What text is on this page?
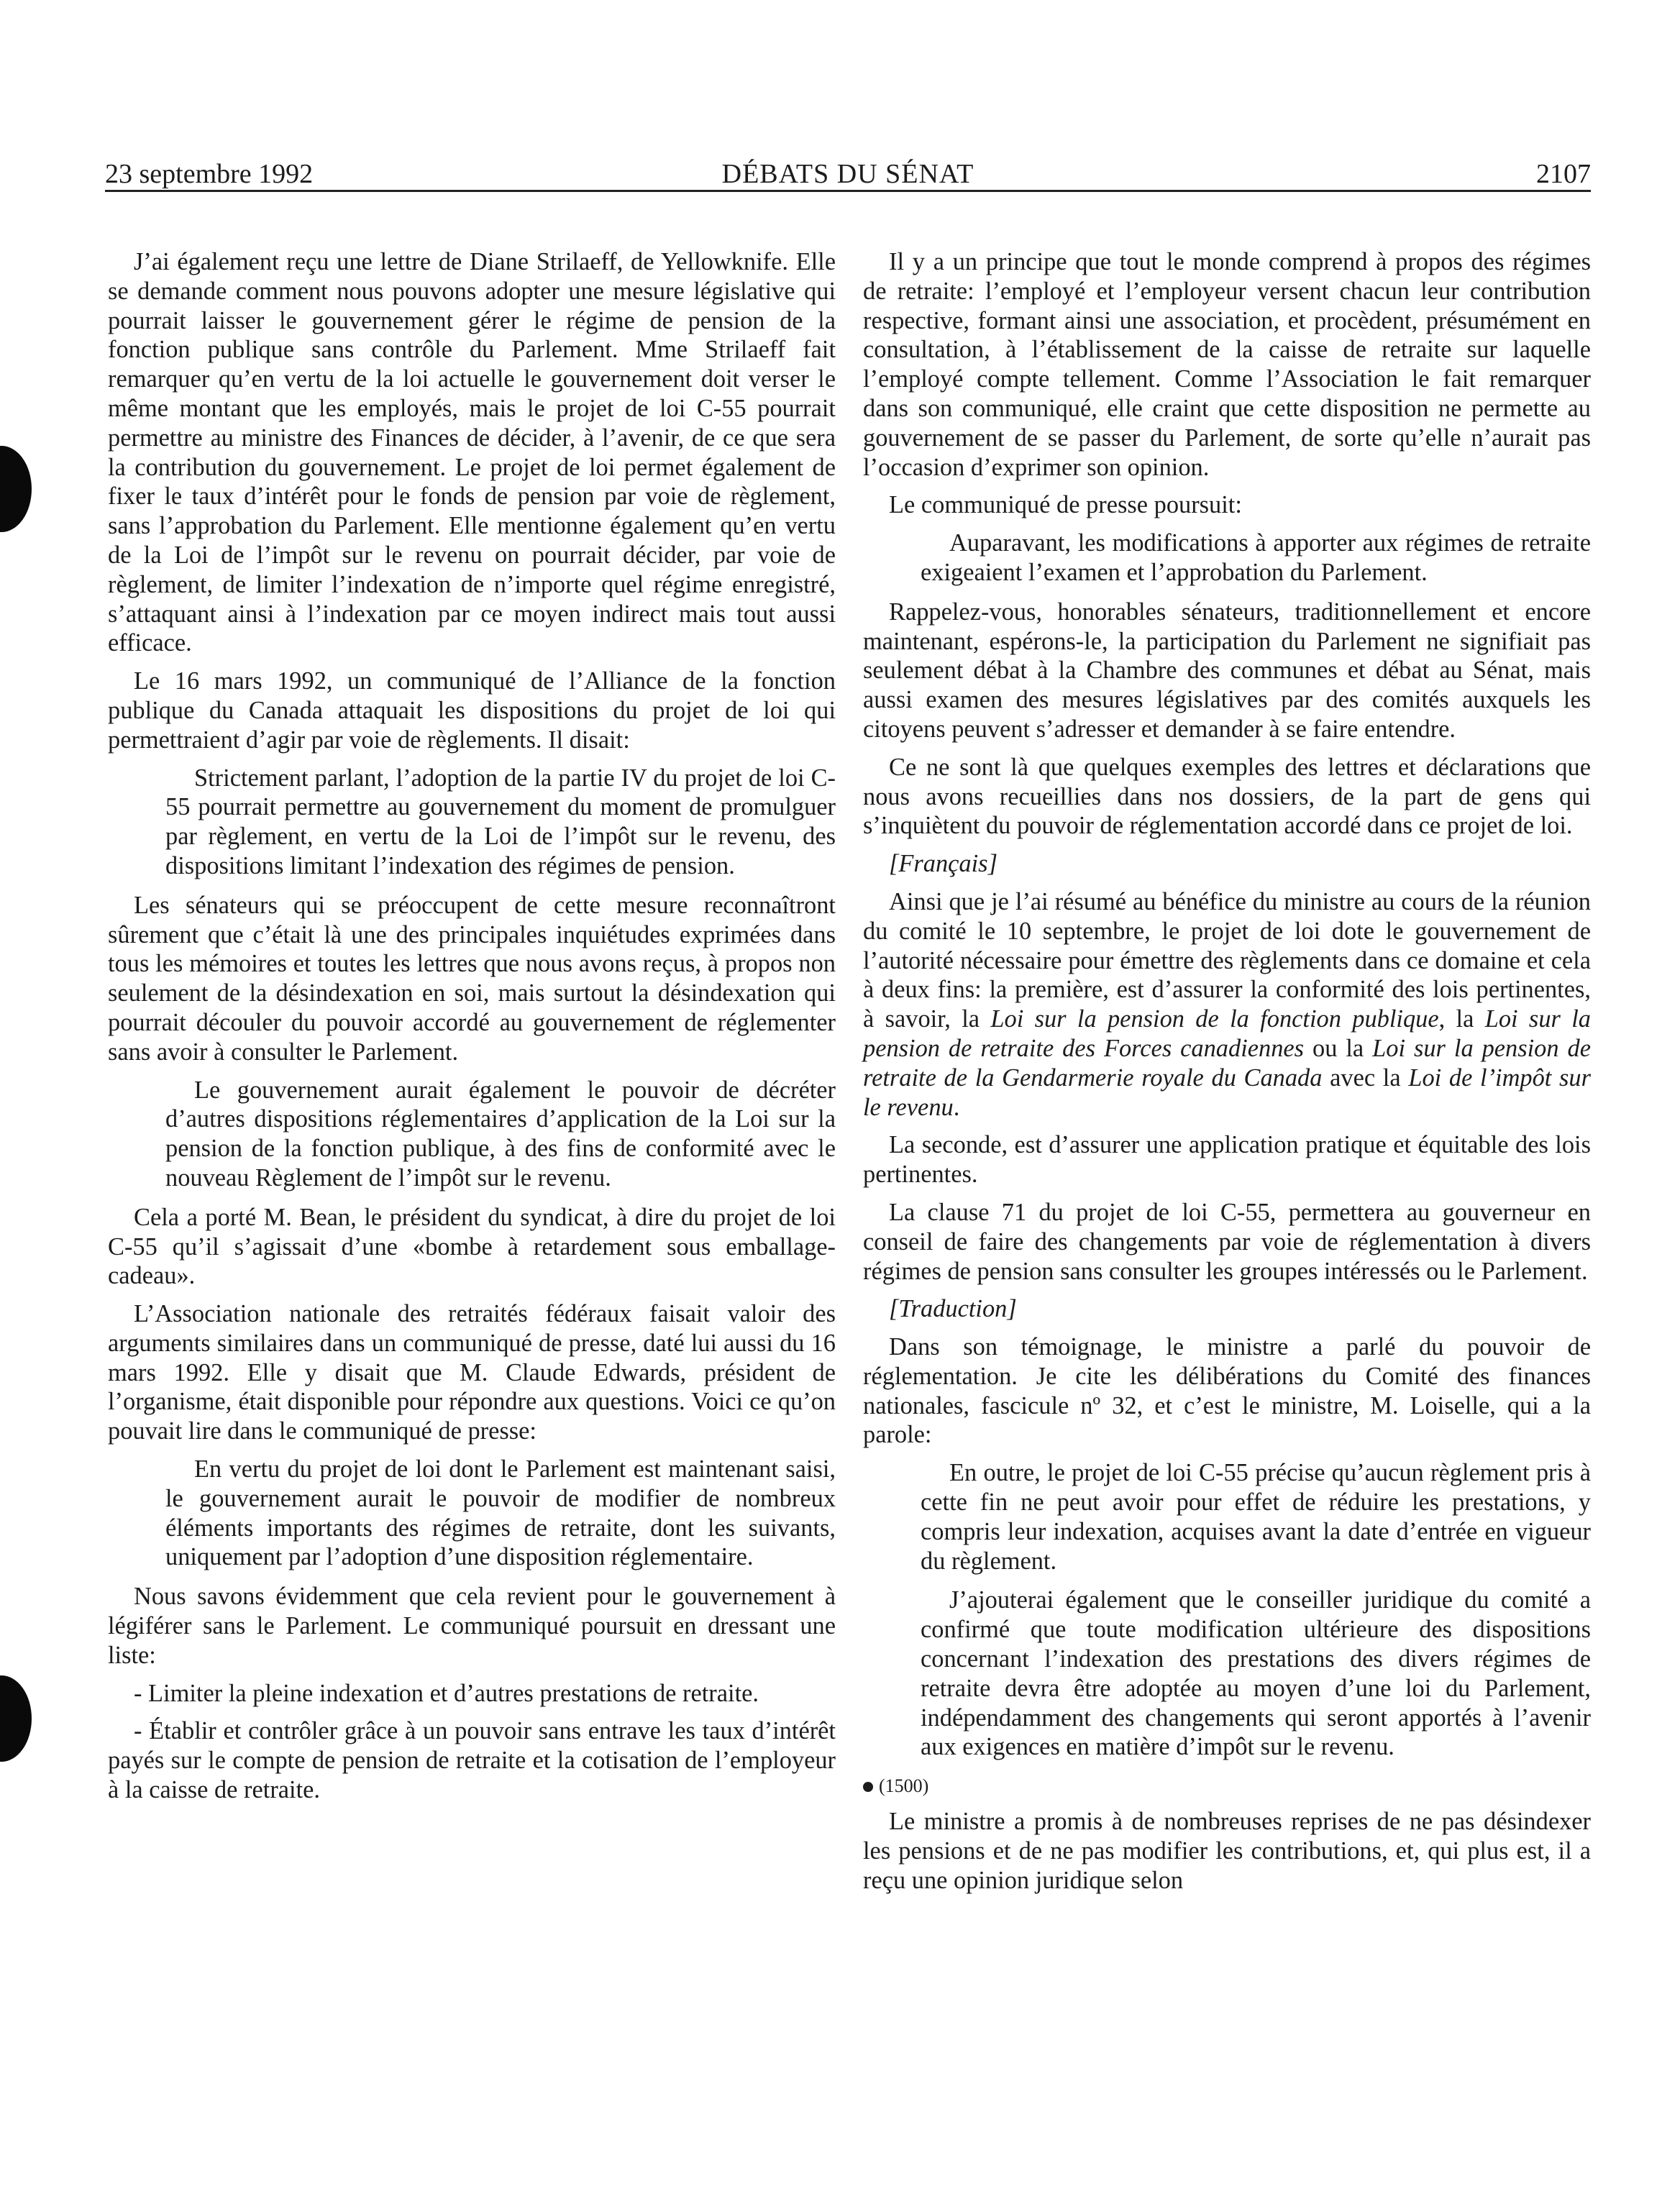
23 septembre 1992	DÉBATS DU SÉNAT	2107

J’ai également reçu une lettre de Diane Strilaeff, de Yellowknife. Elle se demande comment nous pouvons adopter une mesure législative qui pourrait laisser le gouvernement gérer le régime de pension de la fonction publique sans contrôle du Parlement. Mme Strilaeff fait remarquer qu’en vertu de la loi actuelle le gouvernement doit verser le même montant que les employés, mais le projet de loi C-55 pourrait permettre au ministre des Finances de décider, à l’avenir, de ce que sera la contribution du gouvernement. Le projet de loi permet également de fixer le taux d’intérêt pour le fonds de pension par voie de règlement, sans l’approbation du Parlement. Elle mentionne également qu’en vertu de la Loi de l’impôt sur le revenu on pourrait décider, par voie de règlement, de limiter l’indexation de n’importe quel régime enregistré, s’attaquant ainsi à l’indexation par ce moyen indirect mais tout aussi efficace.

Le 16 mars 1992, un communiqué de l’Alliance de la fonction publique du Canada attaquait les dispositions du projet de loi qui permettraient d’agir par voie de règlements. Il disait:

Strictement parlant, l’adoption de la partie IV du projet de loi C-55 pourrait permettre au gouvernement du moment de promulguer par règlement, en vertu de la Loi de l’impôt sur le revenu, des dispositions limitant l’indexation des régimes de pension.

Les sénateurs qui se préoccupent de cette mesure reconnaîtront sûrement que c’était là une des principales inquiétudes exprimées dans tous les mémoires et toutes les lettres que nous avons reçus, à propos non seulement de la désindexation en soi, mais surtout la désindexation qui pourrait découler du pouvoir accordé au gouvernement de réglementer sans avoir à consulter le Parlement.

Le gouvernement aurait également le pouvoir de décréter d’autres dispositions réglementaires d’application de la Loi sur la pension de la fonction publique, à des fins de conformité avec le nouveau Règlement de l’impôt sur le revenu.

Cela a porté M. Bean, le président du syndicat, à dire du projet de loi C-55 qu’il s’agissait d’une «bombe à retardement sous emballage- cadeau».

L’Association nationale des retraités fédéraux faisait valoir des arguments similaires dans un communiqué de presse, daté lui aussi du 16 mars 1992. Elle y disait que M. Claude Edwards, président de l’organisme, était disponible pour répondre aux questions. Voici ce qu’on pouvait lire dans le communiqué de presse:

En vertu du projet de loi dont le Parlement est maintenant saisi, le gouvernement aurait le pouvoir de modifier de nombreux éléments importants des régimes de retraite, dont les suivants, uniquement par l’adoption d’une disposition réglementaire.

Nous savons évidemment que cela revient pour le gouvernement à légiférer sans le Parlement. Le communiqué poursuit en dressant une liste:

- Limiter la pleine indexation et d’autres prestations de retraite.

- Établir et contrôler grâce à un pouvoir sans entrave les taux d’intérêt payés sur le compte de pension de retraite et la cotisation de l’employeur à la caisse de retraite.

Il y a un principe que tout le monde comprend à propos des régimes de retraite: l’employé et l’employeur versent chacun leur contribution respective, formant ainsi une association, et procèdent, présumément en consultation, à l’établissement de la caisse de retraite sur laquelle l’employé compte tellement. Comme l’Association le fait remarquer dans son communiqué, elle craint que cette disposition ne permette au gouvernement de se passer du Parlement, de sorte qu’elle n’aurait pas l’occasion d’exprimer son opinion.

Le communiqué de presse poursuit:

Auparavant, les modifications à apporter aux régimes de retraite exigeaient l’examen et l’approbation du Parlement.

Rappelez-vous, honorables sénateurs, traditionnellement et encore maintenant, espérons-le, la participation du Parlement ne signifiait pas seulement débat à la Chambre des communes et débat au Sénat, mais aussi examen des mesures législatives par des comités auxquels les citoyens peuvent s’adresser et demander à se faire entendre.

Ce ne sont là que quelques exemples des lettres et déclarations que nous avons recueillies dans nos dossiers, de la part de gens qui s’inquiètent du pouvoir de réglementation accordé dans ce projet de loi.

[Français]

Ainsi que je l’ai résumé au bénéfice du ministre au cours de la réunion du comité le 10 septembre, le projet de loi dote le gouvernement de l’autorité nécessaire pour émettre des règlements dans ce domaine et cela à deux fins: la première, est d’assurer la conformité des lois pertinentes, à savoir, la Loi sur la pension de la fonction publique, la Loi sur la pension de retraite des Forces canadiennes ou la Loi sur la pension de retraite de la Gendarmerie royale du Canada avec la Loi de l’impôt sur le revenu.

La seconde, est d’assurer une application pratique et équitable des lois pertinentes.

La clause 71 du projet de loi C-55, permettera au gouverneur en conseil de faire des changements par voie de réglementation à divers régimes de pension sans consulter les groupes intéressés ou le Parlement.

[Traduction]

Dans son témoignage, le ministre a parlé du pouvoir de réglementation. Je cite les délibérations du Comité des finances nationales, fascicule nº 32, et c’est le ministre, M. Loiselle, qui a la parole:

En outre, le projet de loi C-55 précise qu’aucun règlement pris à cette fin ne peut avoir pour effet de réduire les prestations, y compris leur indexation, acquises avant la date d’entrée en vigueur du règlement.
J’ajouterai également que le conseiller juridique du comité a confirmé que toute modification ultérieure des dispositions concernant l’indexation des prestations des divers régimes de retraite devra être adoptée au moyen d’une loi du Parlement, indépendamment des changements qui seront apportés à l’avenir aux exigences en matière d’impôt sur le revenu.
(1500)

Le ministre a promis à de nombreuses reprises de ne pas désindexer les pensions et de ne pas modifier les contributions, et, qui plus est, il a reçu une opinion juridique selon
